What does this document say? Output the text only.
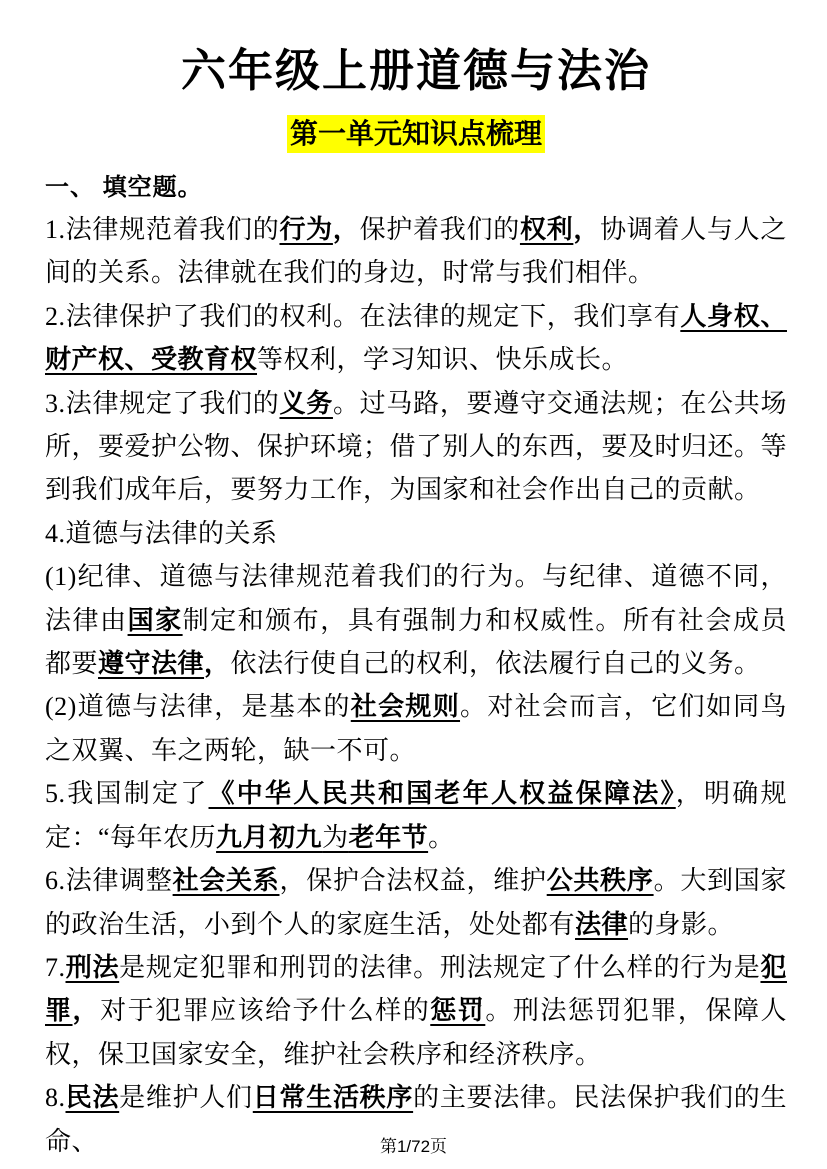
六年级上册道德与法治
第一单元知识点梳理
一、 填空题。

1.法律规范着我们的行为，保护着我们的权利，协调着人与人之间的关系。法律就在我们的身边，时常与我们相伴。

2.法律保护了我们的权利。在法律的规定下，我们享有人身权、财产权、受教育权等权利，学习知识、快乐成长。

3.法律规定了我们的义务。过马路，要遵守交通法规；在公共场所，要爱护公物、保护环境；借了别人的东西，要及时归还。等到我们成年后，要努力工作，为国家和社会作出自己的贡献。

4.道德与法律的关系

(1)纪律、道德与法律规范着我们的行为。与纪律、道德不同，法律由国家制定和颁布，具有强制力和权威性。所有社会成员都要遵守法律，依法行使自己的权利，依法履行自己的义务。

(2)道德与法律，是基本的社会规则。对社会而言，它们如同鸟之双翼、车之两轮，缺一不可。

5.我国制定了《中华人民共和国老年人权益保障法》，明确规定：“每年农历九月初九为老年节。

6.法律调整社会关系，保护合法权益，维护公共秩序。大到国家的政治生活，小到个人的家庭生活，处处都有法律的身影。

7.刑法是规定犯罪和刑罚的法律。刑法规定了什么样的行为是犯罪，对于犯罪应该给予什么样的惩罚。刑法惩罚犯罪，保障人权，保卫国家安全，维护社会秩序和经济秩序。

8.民法是维护人们日常生活秩序的主要法律。民法保护我们的生命、	第1/72页
